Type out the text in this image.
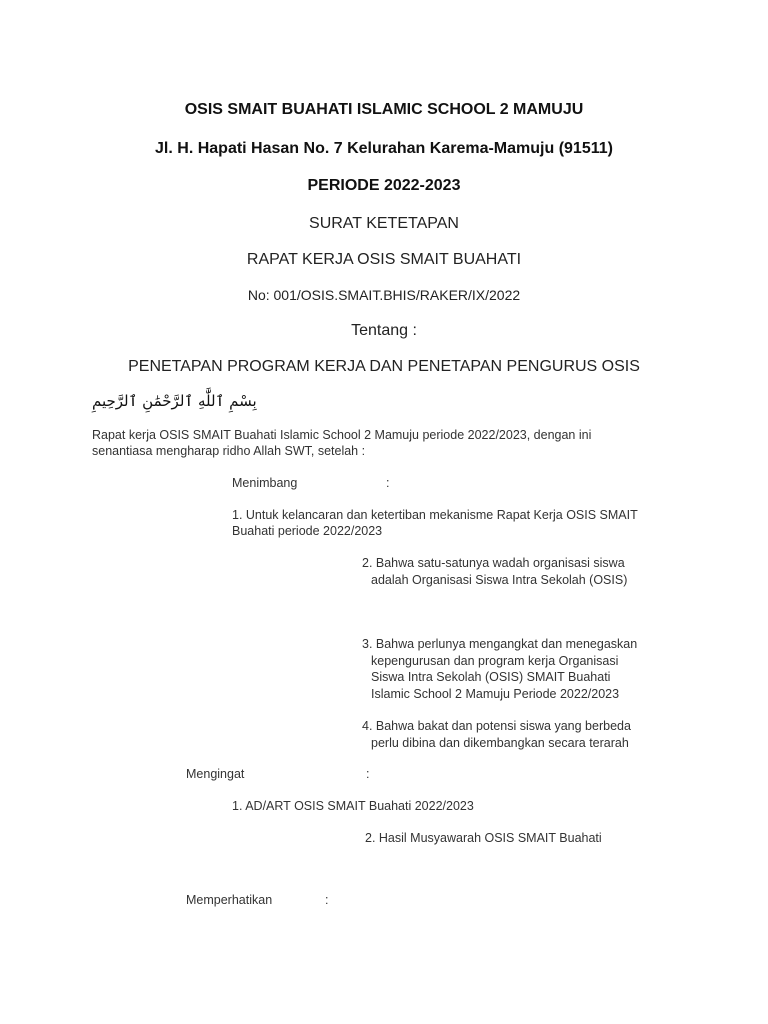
OSIS SMAIT BUAHATI ISLAMIC SCHOOL 2 MAMUJU
Jl. H. Hapati Hasan No. 7 Kelurahan Karema-Mamuju (91511)
PERIODE 2022-2023
SURAT KETETAPAN
RAPAT KERJA OSIS SMAIT BUAHATI
No: 001/OSIS.SMAIT.BHIS/RAKER/IX/2022
Tentang :
PENETAPAN PROGRAM KERJA DAN PENETAPAN PENGURUS OSIS
بِسْمِ ٱللَّٰهِ ٱلرَّحْمَٰنِ ٱلرَّحِيمِ
Rapat kerja OSIS SMAIT Buahati Islamic School 2 Mamuju periode 2022/2023, dengan ini
senantiasa mengharap ridho Allah SWT, setelah :
Menimbang	:
1. Untuk kelancaran dan ketertiban mekanisme Rapat Kerja OSIS SMAIT
Buahati periode 2022/2023
2. Bahwa satu-satunya wadah organisasi siswa
adalah Organisasi Siswa Intra Sekolah (OSIS)
3. Bahwa perlunya mengangkat dan menegaskan
kepengurusan dan program kerja Organisasi
Siswa Intra Sekolah (OSIS) SMAIT Buahati
Islamic School 2 Mamuju Periode 2022/2023
4. Bahwa bakat dan potensi siswa yang berbeda
perlu dibina dan dikembangkan secara terarah
Mengingat	:
1. AD/ART OSIS SMAIT Buahati 2022/2023
2. Hasil Musyawarah OSIS SMAIT Buahati
Memperhatikan	:
